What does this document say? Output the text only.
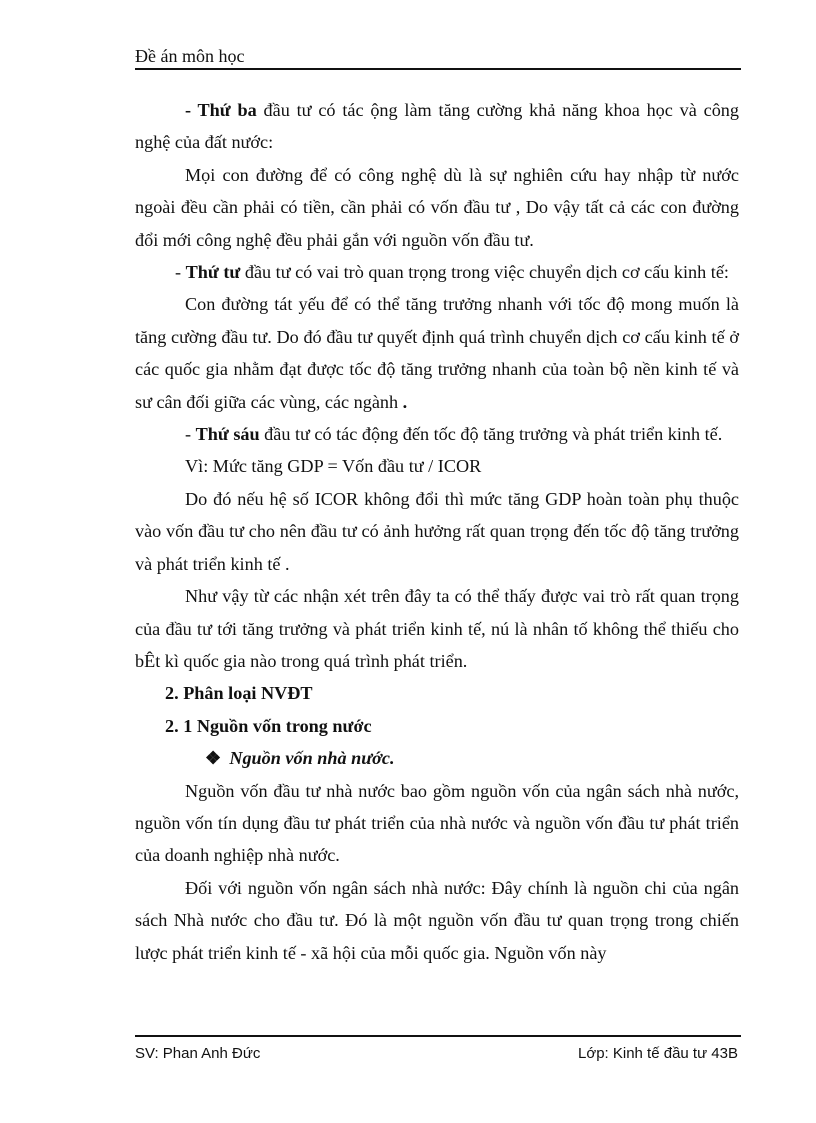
Đề án môn học

- Thứ ba đầu tư có tác ộng làm tăng cường khả năng khoa học và công nghệ của đất nước:

Mọi con đường để có công nghệ dù là sự nghiên cứu hay nhập từ nước ngoài đều cần phải có tiền, cần phải có vốn đầu tư , Do vậy tất cả các con đường đổi mới công nghệ đều phải gắn với nguồn vốn đầu tư.

- Thứ tư đầu tư có vai trò quan trọng trong việc chuyển dịch cơ cấu kinh tế:

Con đường tát yếu để có thể tăng trưởng nhanh với tốc độ mong muốn là tăng cường đầu tư. Do đó đầu tư quyết định quá trình chuyển dịch cơ cấu kinh tế ở các quốc gia nhằm đạt được tốc độ tăng trưởng nhanh của toàn bộ nền kinh tế và sư cân đối giữa các vùng, các ngành .

- Thứ sáu đầu tư có tác động đến tốc độ tăng trưởng và phát triển kinh tế.

Vì: Mức tăng GDP = Vốn đầu tư / ICOR

Do đó nếu hệ số ICOR không đổi thì mức tăng GDP hoàn toàn phụ thuộc vào vốn đầu tư cho nên đầu tư có ảnh hưởng rất quan trọng đến tốc độ tăng trưởng và phát triển kinh tế .

Như vậy từ các nhận xét trên đây ta có thể thấy được vai trò rất quan trọng của đầu tư tới tăng trưởng và phát triển kinh tế, nú là nhân tố không thể thiếu cho bÊt kì quốc gia nào trong quá trình phát triển.

2. Phân loại NVĐT

2. 1 Nguồn vốn trong nước

❖ Nguồn vốn nhà nước.

Nguồn vốn đầu tư nhà nước bao gồm nguồn vốn của ngân sách nhà nước, nguồn vốn tín dụng đầu tư phát triển của nhà nước và nguồn vốn đầu tư phát triển của doanh nghiệp nhà nước.

Đối với nguồn vốn ngân sách nhà nước: Đây chính là nguồn chi của ngân sách Nhà nước cho đầu tư. Đó là một nguồn vốn đầu tư quan trọng trong chiến lược phát triển kinh tế - xã hội của mỗi quốc gia. Nguồn vốn này

SV: Phan Anh Đức	Lớp: Kinh tế đầu tư 43B
